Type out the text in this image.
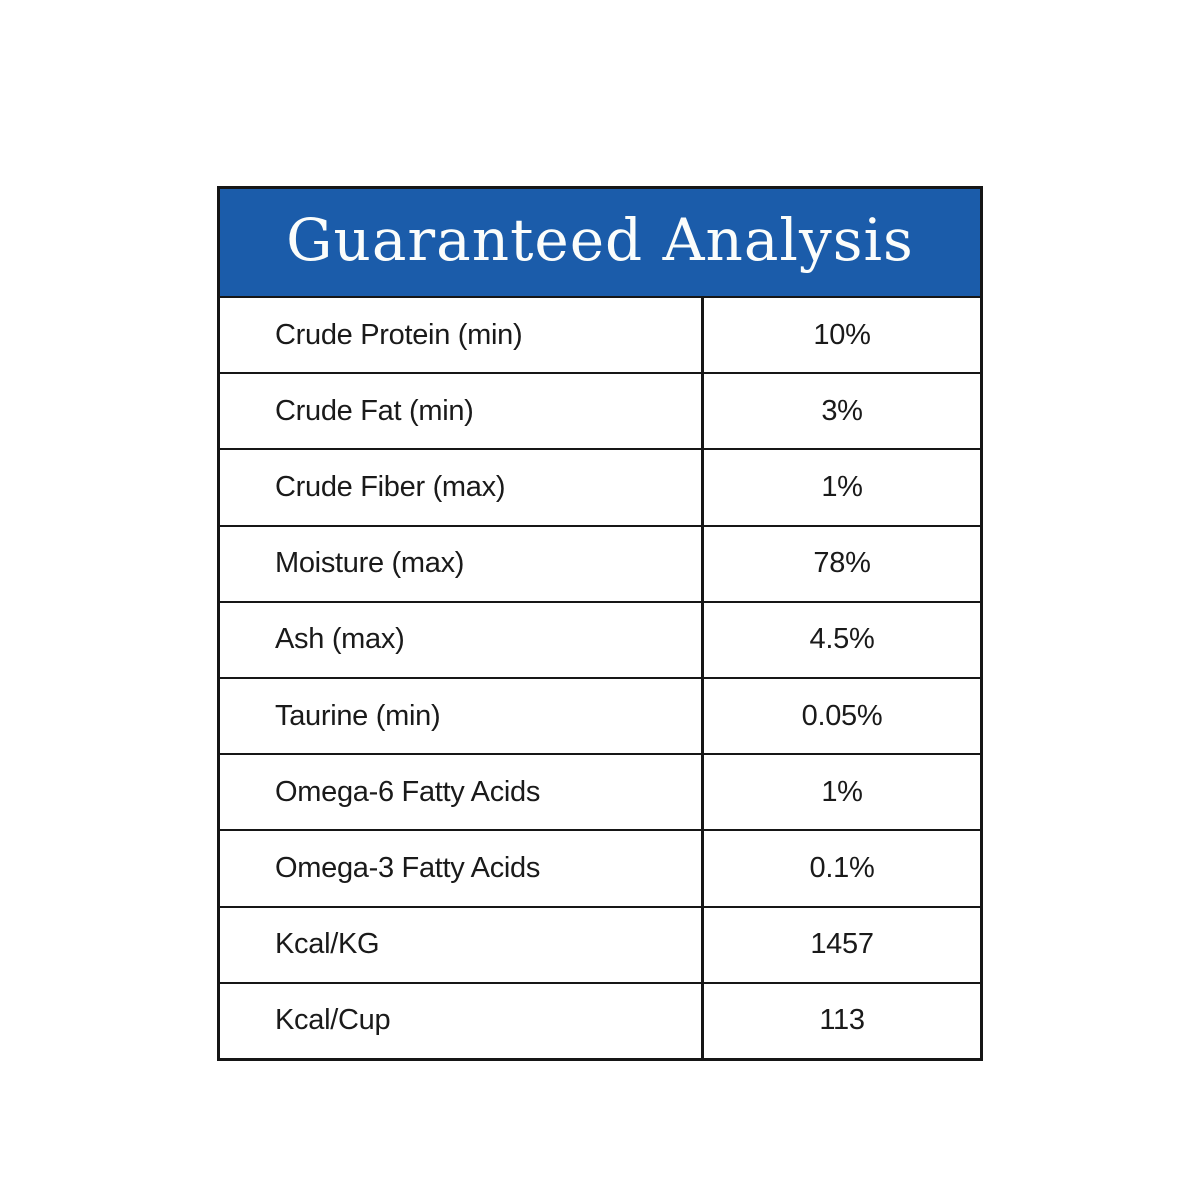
Guaranteed Analysis
Crude Protein (min)	10%
Crude Fat (min)	3%
Crude Fiber (max)	1%
Moisture (max)	78%
Ash (max)	4.5%
Taurine (min)	0.05%
Omega-6 Fatty Acids	1%
Omega-3 Fatty Acids	0.1%
Kcal/KG	1457
Kcal/Cup	113
